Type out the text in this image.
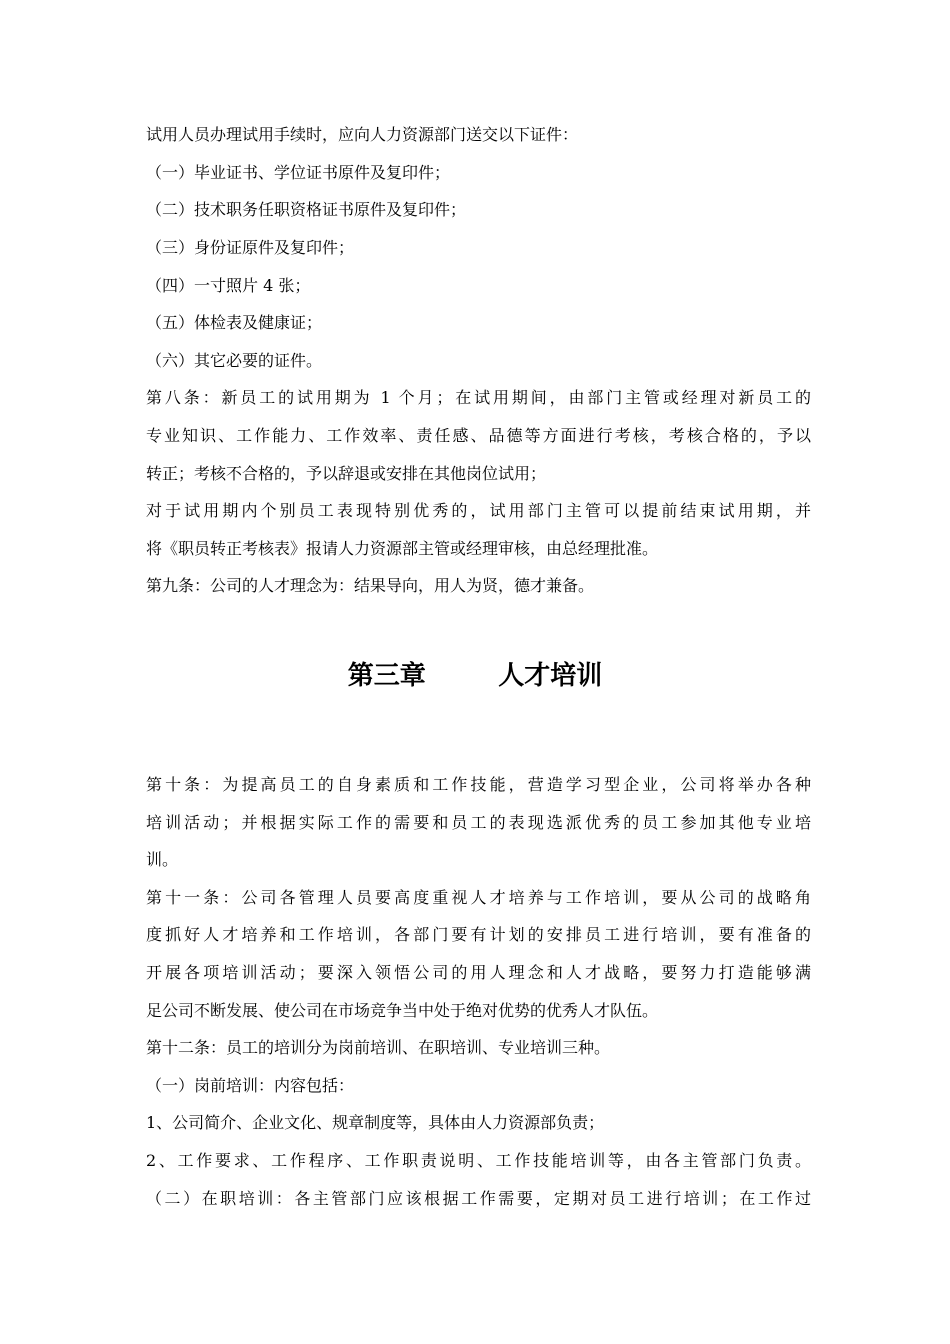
试用人员办理试用手续时，应向人力资源部门送交以下证件：
（一）毕业证书、学位证书原件及复印件；
（二）技术职务任职资格证书原件及复印件；
（三）身份证原件及复印件；
（四）一寸照片 4 张；
（五）体检表及健康证；
（六）其它必要的证件。
第八条：新员工的试用期为 1 个月；在试用期间，由部门主管或经理对新员工的
专业知识、工作能力、工作效率、责任感、品德等方面进行考核，考核合格的，予以
转正；考核不合格的，予以辞退或安排在其他岗位试用；
对于试用期内个别员工表现特别优秀的，试用部门主管可以提前结束试用期，并
将《职员转正考核表》报请人力资源部主管或经理审核，由总经理批准。
第九条：公司的人才理念为：结果导向，用人为贤，德才兼备。
第三章        人才培训
第十条：为提高员工的自身素质和工作技能，营造学习型企业，公司将举办各种
培训活动；并根据实际工作的需要和员工的表现选派优秀的员工参加其他专业培
训。
第十一条：公司各管理人员要高度重视人才培养与工作培训，要从公司的战略角
度抓好人才培养和工作培训，各部门要有计划的安排员工进行培训，要有准备的
开展各项培训活动；要深入领悟公司的用人理念和人才战略，要努力打造能够满
足公司不断发展、使公司在市场竞争当中处于绝对优势的优秀人才队伍。
第十二条：员工的培训分为岗前培训、在职培训、专业培训三种。
（一）岗前培训：内容包括：
1、公司简介、企业文化、规章制度等，具体由人力资源部负责；
2、工作要求、工作程序、工作职责说明、工作技能培训等，由各主管部门负责。
（二）在职培训：各主管部门应该根据工作需要，定期对员工进行培训；在工作过
